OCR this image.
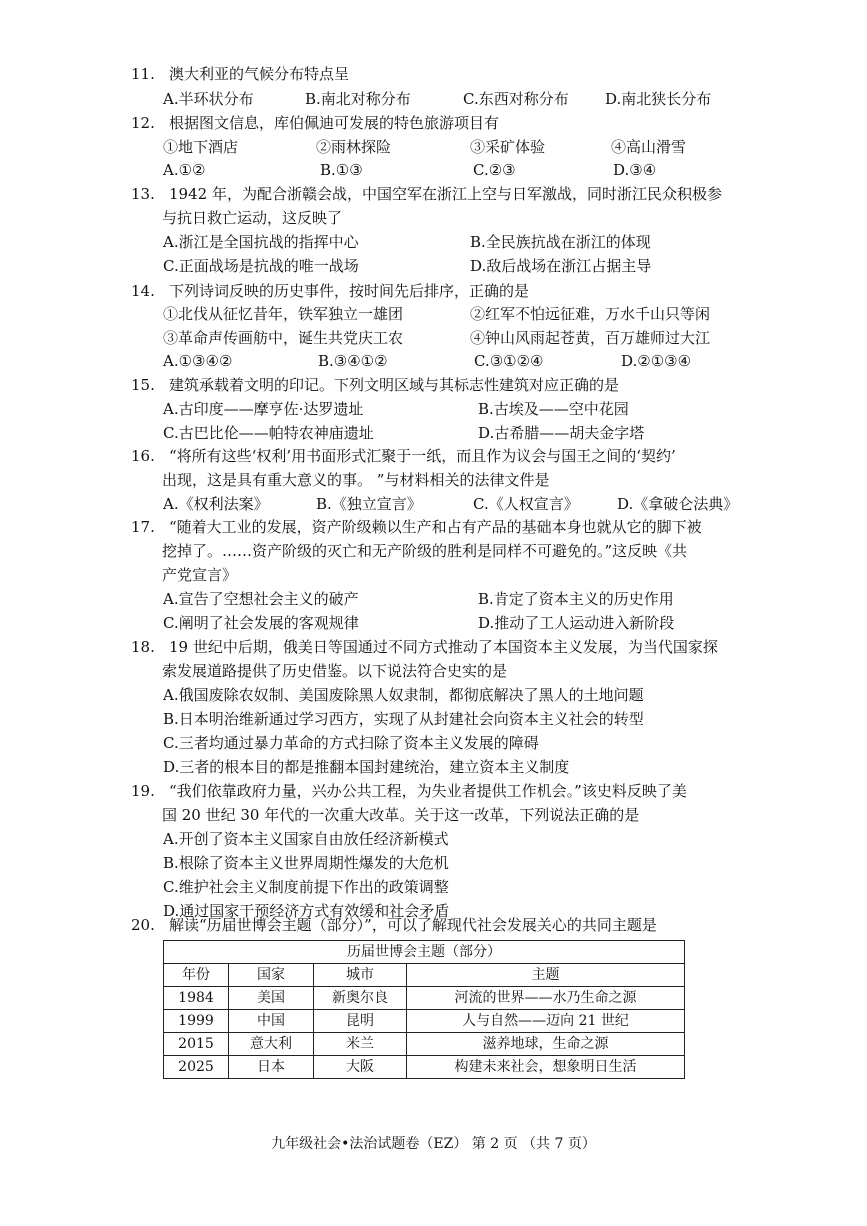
11. 澳大利亚的气候分布特点呈
A.半环状分布	B.南北对称分布	C.东西对称分布 D.南北狭长分布
12. 根据图文信息，库伯佩迪可发展的特色旅游项目有
①地下酒店	②雨林探险	③采矿体验	④高山滑雪
A.①②	B.①③	C.②③	D.③④
13. 1942 年，为配合浙赣会战，中国空军在浙江上空与日军激战，同时浙江民众积极参
与抗日救亡运动，这反映了
A.浙江是全国抗战的指挥中心	B.全民族抗战在浙江的体现
C.正面战场是抗战的唯一战场	D.敌后战场在浙江占据主导
14. 下列诗词反映的历史事件，按时间先后排序，正确的是
①北伐从征忆昔年，铁军独立一雄团	②红军不怕远征难，万水千山只等闲
③革命声传画舫中，诞生共党庆工农	④钟山风雨起苍黄，百万雄师过大江
A.①③④②	B.③④①②	C.③①②④	D.②①③④
15. 建筑承载着文明的印记。下列文明区域与其标志性建筑对应正确的是
A.古印度——摩亨佐·达罗遗址	B.古埃及——空中花园
C.古巴比伦——帕特农神庙遗址	D.古希腊——胡夫金字塔
16. “将所有这些‘权利’用书面形式汇聚于一纸，而且作为议会与国王之间的‘契约’
出现，这是具有重大意义的事。 ”与材料相关的法律文件是
A.《权利法案》	B.《独立宣言》	C.《人权宣言》	D.《拿破仑法典》
17. “随着大工业的发展，资产阶级赖以生产和占有产品的基础本身也就从它的脚下被
挖掉了。……资产阶级的灭亡和无产阶级的胜利是同样不可避免的。”这反映《共
产党宣言》
A.宣告了空想社会主义的破产	B.肯定了资本主义的历史作用
C.阐明了社会发展的客观规律	D.推动了工人运动进入新阶段
18. 19 世纪中后期，俄美日等国通过不同方式推动了本国资本主义发展，为当代国家探
索发展道路提供了历史借鉴。以下说法符合史实的是
A.俄国废除农奴制、美国废除黑人奴隶制，都彻底解决了黑人的土地问题
B.日本明治维新通过学习西方，实现了从封建社会向资本主义社会的转型
C.三者均通过暴力革命的方式扫除了资本主义发展的障碍
D.三者的根本目的都是推翻本国封建统治，建立资本主义制度
19. “我们依靠政府力量，兴办公共工程，为失业者提供工作机会。”该史料反映了美
国 20 世纪 30 年代的一次重大改革。关于这一改革，下列说法正确的是
A.开创了资本主义国家自由放任经济新模式
B.根除了资本主义世界周期性爆发的大危机
C.维护社会主义制度前提下作出的政策调整
D.通过国家干预经济方式有效缓和社会矛盾
20. 解读“历届世博会主题（部分）”，可以了解现代社会发展关心的共同主题是
历届世博会主题（部分）			
年份	国家	城市	主题
1984	美国	新奥尔良	河流的世界——水乃生命之源
1999	中国	昆明	人与自然——迈向 21 世纪
2015	意大利	米兰	滋养地球，生命之源
2025	日本	大阪	构建未来社会，想象明日生活
九年级社会•法治试题卷（EZ） 第 2 页 （共 7 页）
